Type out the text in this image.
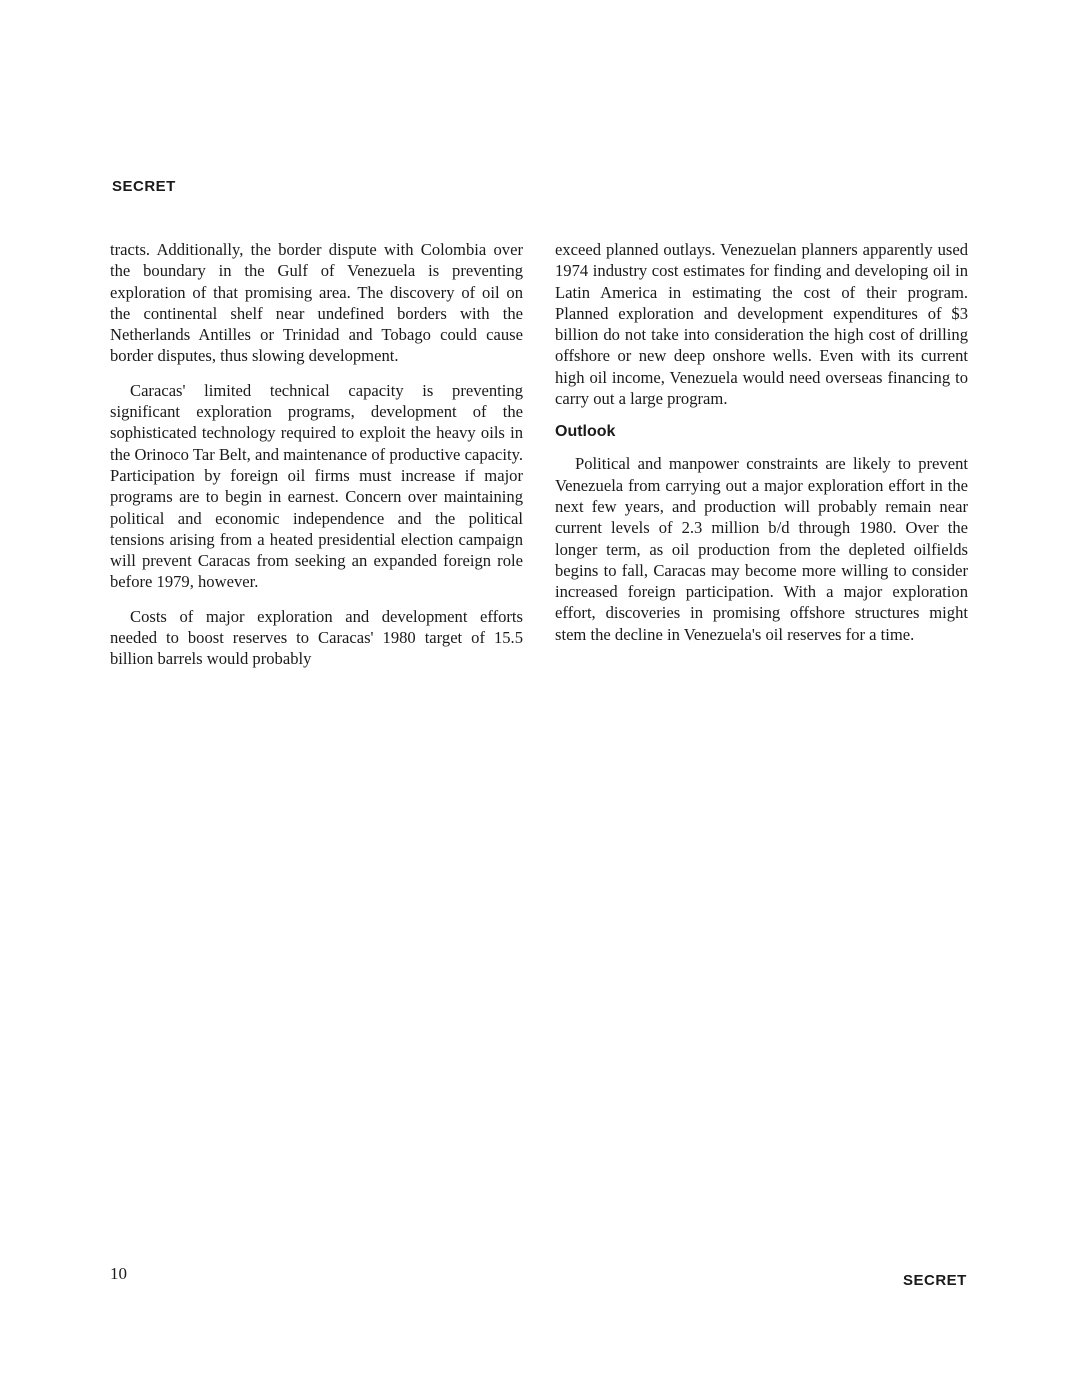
SECRET

tracts. Additionally, the border dispute with Colombia over the boundary in the Gulf of Venezuela is preventing exploration of that promising area. The discovery of oil on the continental shelf near undefined borders with the Netherlands Antilles or Trinidad and Tobago could cause border disputes, thus slowing development.

Caracas' limited technical capacity is preventing significant exploration programs, development of the sophisticated technology required to exploit the heavy oils in the Orinoco Tar Belt, and maintenance of productive capacity. Participation by foreign oil firms must increase if major programs are to begin in earnest. Concern over maintaining political and economic independence and the political tensions arising from a heated presidential election campaign will prevent Caracas from seeking an expanded foreign role before 1979, however.

Costs of major exploration and development efforts needed to boost reserves to Caracas' 1980 target of 15.5 billion barrels would probably

exceed planned outlays. Venezuelan planners apparently used 1974 industry cost estimates for finding and developing oil in Latin America in estimating the cost of their program. Planned exploration and development expenditures of $3 billion do not take into consideration the high cost of drilling offshore or new deep onshore wells. Even with its current high oil income, Venezuela would need overseas financing to carry out a large program.

Outlook

Political and manpower constraints are likely to prevent Venezuela from carrying out a major exploration effort in the next few years, and production will probably remain near current levels of 2.3 million b/d through 1980. Over the longer term, as oil production from the depleted oilfields begins to fall, Caracas may become more willing to consider increased foreign participation. With a major exploration effort, discoveries in promising offshore structures might stem the decline in Venezuela's oil reserves for a time.

10	SECRET
